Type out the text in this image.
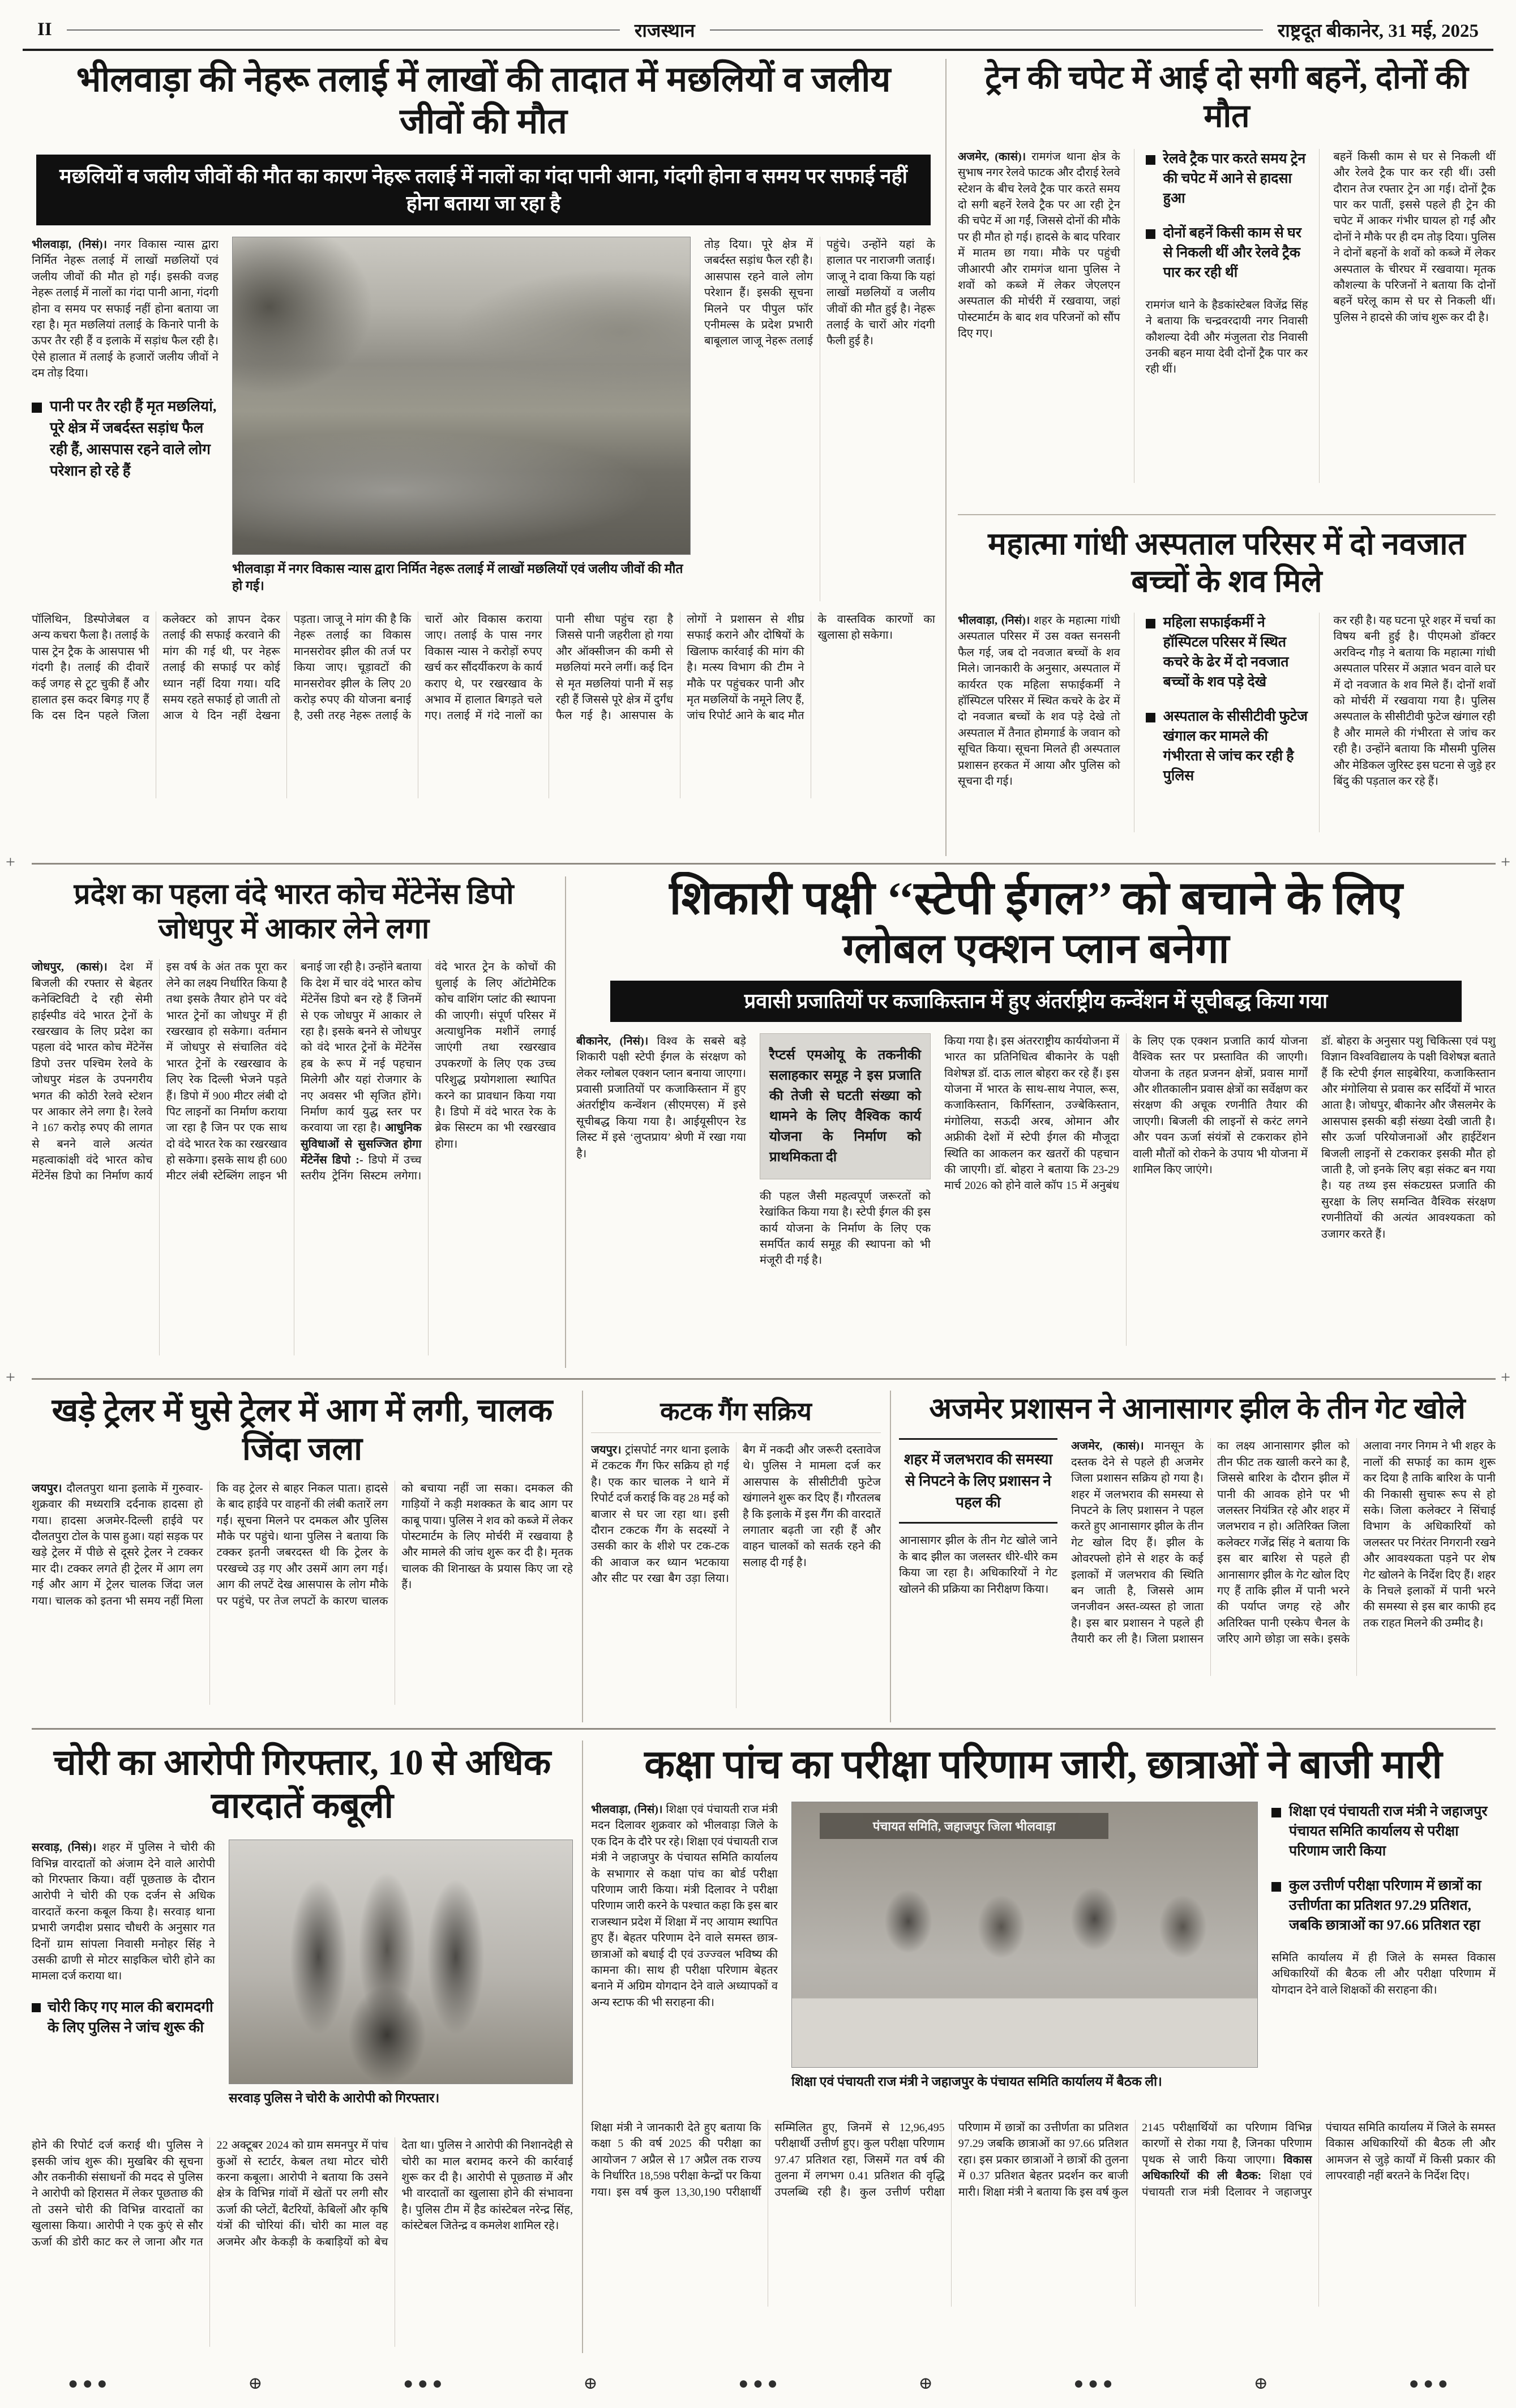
II	राजस्थान	राष्ट्रदूत बीकानेर, 31 मई, 2025
भीलवाड़ा की नेहरू तलाई में लाखों की तादात में मछलियों व जलीय जीवों की मौत
मछलियों व जलीय जीवों की मौत का कारण नेहरू तलाई में नालों का गंदा पानी आना, गंदगी होना व समय पर सफाई नहीं होना बताया जा रहा है
भीलवाड़ा, (निसं)। नगर विकास न्यास द्वारा निर्मित नेहरू तलाई में लाखों मछलियों एवं जलीय जीवों की मौत हो गई। इसकी वजह नेहरू तलाई में नालों का गंदा पानी आना, गंदगी होना व समय पर सफाई नहीं होना बताया जा रहा है। मृत मछलियां तलाई के किनारे पानी के ऊपर तैर रही हैं व इलाके में सड़ांध फैल रही है। ऐसे हालात में तलाई के हजारों जलीय जीवों ने दम तोड़ दिया।
पानी पर तैर रही हैं मृत मछलियां, पूरे क्षेत्र में जबर्दस्त सड़ांध फैल रही हैं, आसपास रहने वाले लोग परेशान हो रहे हैं
भीलवाड़ा में नगर विकास न्यास द्वारा निर्मित नेहरू तलाई में लाखों मछलियों एवं जलीय जीवों की मौत हो गई।
तोड़ दिया। पूरे क्षेत्र में जबर्दस्त सड़ांध फैल रही है। आसपास रहने वाले लोग परेशान हैं। इसकी सूचना मिलने पर पीपुल फॉर एनीमल्स के प्रदेश प्रभारी बाबूलाल जाजू नेहरू तलाई पहुंचे। उन्होंने यहां के हालात पर नाराजगी जताई। जाजू ने दावा किया कि यहां लाखों मछलियों व जलीय जीवों की मौत हुई है। नेहरू तलाई के चारों ओर गंदगी फैली हुई है।
पॉलिथिन, डिस्पोजेबल व अन्य कचरा फैला है। तलाई के पास ट्रेन ट्रैक के आसपास भी गंदगी है। तलाई की दीवारें कई जगह से टूट चुकी हैं और हालात इस कदर बिगड़ गए हैं कि दस दिन पहले जिला कलेक्टर को ज्ञापन देकर तलाई की सफाई करवाने की मांग की गई थी, पर नेहरू तलाई की सफाई पर कोई ध्यान नहीं दिया गया। यदि समय रहते सफाई हो जाती तो आज ये दिन नहीं देखना पड़ता। जाजू ने मांग की है कि नेहरू तलाई का विकास मानसरोवर झील की तर्ज पर किया जाए। चूड़ावटों की मानसरोवर झील के लिए 20 करोड़ रुपए की योजना बनाई है, उसी तरह नेहरू तलाई के चारों ओर विकास कराया जाए। तलाई के पास नगर विकास न्यास ने करोड़ों रुपए खर्च कर सौंदर्यीकरण के कार्य कराए थे, पर रखरखाव के अभाव में हालात बिगड़ते चले गए। तलाई में गंदे नालों का पानी सीधा पहुंच रहा है जिससे पानी जहरीला हो गया और ऑक्सीजन की कमी से मछलियां मरने लगीं। कई दिन से मृत मछलियां पानी में सड़ रही हैं जिससे पूरे क्षेत्र में दुर्गंध फैल गई है। आसपास के लोगों ने प्रशासन से शीघ्र सफाई कराने और दोषियों के खिलाफ कार्रवाई की मांग की है। मत्स्य विभाग की टीम ने मौके पर पहुंचकर पानी और मृत मछलियों के नमूने लिए हैं, जांच रिपोर्ट आने के बाद मौत के वास्तविक कारणों का खुलासा हो सकेगा।
ट्रेन की चपेट में आई दो सगी बहनें, दोनों की मौत
अजमेर, (कासं)। रामगंज थाना क्षेत्र के सुभाष नगर रेलवे फाटक और दौराई रेलवे स्टेशन के बीच रेलवे ट्रैक पार करते समय दो सगी बहनें रेलवे ट्रैक पर आ रही ट्रेन की चपेट में आ गईं, जिससे दोनों की मौके पर ही मौत हो गई। हादसे के बाद परिवार में मातम छा गया। मौके पर पहुंची जीआरपी और रामगंज थाना पुलिस ने शवों को कब्जे में लेकर जेएलएन अस्पताल की मोर्चरी में रखवाया, जहां पोस्टमार्टम के बाद शव परिजनों को सौंप दिए गए।
रेलवे ट्रैक पार करते समय ट्रेन की चपेट में आने से हादसा हुआ
दोनों बहनें किसी काम से घर से निकली थीं और रेलवे ट्रैक पार कर रही थीं
रामगंज थाने के हैडकांस्टेबल विजेंद्र सिंह ने बताया कि चन्द्रवरदायी नगर निवासी कौशल्या देवी और मंजुलता रोड निवासी उनकी बहन माया देवी दोनों ट्रैक पार कर रही थीं।
बहनें किसी काम से घर से निकली थीं और रेलवे ट्रैक पार कर रही थीं। उसी दौरान तेज रफ्तार ट्रेन आ गई। दोनों ट्रैक पार कर पातीं, इससे पहले ही ट्रेन की चपेट में आकर गंभीर घायल हो गईं और दोनों ने मौके पर ही दम तोड़ दिया। पुलिस ने दोनों बहनों के शवों को कब्जे में लेकर अस्पताल के चीरघर में रखवाया। मृतक कौशल्या के परिजनों ने बताया कि दोनों बहनें घरेलू काम से घर से निकली थीं। पुलिस ने हादसे की जांच शुरू कर दी है।
महात्मा गांधी अस्पताल परिसर में दो नवजात बच्चों के शव मिले
भीलवाड़ा, (निसं)। शहर के महात्मा गांधी अस्पताल परिसर में उस वक्त सनसनी फैल गई, जब दो नवजात बच्चों के शव मिले। जानकारी के अनुसार, अस्पताल में कार्यरत एक महिला सफाईकर्मी ने हॉस्पिटल परिसर में स्थित कचरे के ढेर में दो नवजात बच्चों के शव पड़े देखे तो अस्पताल में तैनात होमगार्ड के जवान को सूचित किया। सूचना मिलते ही अस्पताल प्रशासन हरकत में आया और पुलिस को सूचना दी गई।
महिला सफाईकर्मी ने हॉस्पिटल परिसर में स्थित कचरे के ढेर में दो नवजात बच्चों के शव पड़े देखे
अस्पताल के सीसीटीवी फुटेज खंगाल कर मामले की गंभीरता से जांच कर रही है पुलिस
कर रही है। यह घटना पूरे शहर में चर्चा का विषय बनी हुई है। पीएमओ डॉक्टर अरविन्द गौड़ ने बताया कि महात्मा गांधी अस्पताल परिसर में अज्ञात भवन वाले घर में दो नवजात के शव मिले हैं। दोनों शवों को मोर्चरी में रखवाया गया है। पुलिस अस्पताल के सीसीटीवी फुटेज खंगाल रही है और मामले की गंभीरता से जांच कर रही है। उन्होंने बताया कि मौसमी पुलिस और मेडिकल जुरिस्ट इस घटना से जुड़े हर बिंदु की पड़ताल कर रहे हैं।
प्रदेश का पहला वंदे भारत कोच मेंटेनेंस डिपो जोधपुर में आकार लेने लगा
जोधपुर, (कासं)। देश में बिजली की रफ्तार से बेहतर कनेक्टिविटी दे रही सेमी हाईस्पीड वंदे भारत ट्रेनों के रखरखाव के लिए प्रदेश का पहला वंदे भारत कोच मेंटेनेंस डिपो उत्तर पश्चिम रेलवे के जोधपुर मंडल के उपनगरीय भगत की कोठी रेलवे स्टेशन पर आकार लेने लगा है। रेलवे ने 167 करोड़ रुपए की लागत से बनने वाले अत्यंत महत्वाकांक्षी वंदे भारत कोच मेंटेनेंस डिपो का निर्माण कार्य इस वर्ष के अंत तक पूरा कर लेने का लक्ष्य निर्धारित किया है तथा इसके तैयार होने पर वंदे भारत ट्रेनों का जोधपुर में ही रखरखाव हो सकेगा। वर्तमान में जोधपुर से संचालित वंदे भारत ट्रेनों के रखरखाव के लिए रेक दिल्ली भेजने पड़ते हैं। डिपो में 900 मीटर लंबी दो पिट लाइनों का निर्माण कराया जा रहा है जिन पर एक साथ दो वंदे भारत रेक का रखरखाव हो सकेगा। इसके साथ ही 600 मीटर लंबी स्टेब्लिंग लाइन भी बनाई जा रही है। उन्होंने बताया कि देश में चार वंदे भारत कोच मेंटेनेंस डिपो बन रहे हैं जिनमें से एक जोधपुर में आकार ले रहा है। इसके बनने से जोधपुर को वंदे भारत ट्रेनों के मेंटेनेंस हब के रूप में नई पहचान मिलेगी और यहां रोजगार के नए अवसर भी सृजित होंगे। निर्माण कार्य युद्ध स्तर पर करवाया जा रहा है। आधुनिक सुविधाओं से सुसज्जित होगा मेंटेनेंस डिपो :- डिपो में उच्च स्तरीय ट्रेनिंग सिस्टम लगेगा। वंदे भारत ट्रेन के कोचों की धुलाई के लिए ऑटोमेटिक कोच वाशिंग प्लांट की स्थापना की जाएगी। संपूर्ण परिसर में अत्याधुनिक मशीनें लगाई जाएंगी तथा रखरखाव उपकरणों के लिए एक उच्च परिशुद्ध प्रयोगशाला स्थापित करने का प्रावधान किया गया है। डिपो में वंदे भारत रेक के ब्रेक सिस्टम का भी रखरखाव होगा।
शिकारी पक्षी ‘‘स्टेपी ईगल’’ को बचाने के लिए
ग्लोबल एक्शन प्लान बनेगा
प्रवासी प्रजातियों पर कजाकिस्तान में हुए अंतर्राष्ट्रीय कन्वेंशन में सूचीबद्ध किया गया
बीकानेर, (निसं)। विश्व के सबसे बड़े शिकारी पक्षी स्टेपी ईगल के संरक्षण को लेकर ग्लोबल एक्शन प्लान बनाया जाएगा। प्रवासी प्रजातियों पर कजाकिस्तान में हुए अंतर्राष्ट्रीय कन्वेंशन (सीएमएस) में इसे सूचीबद्ध किया गया है। आईयूसीएन रेड लिस्ट में इसे ‘लुप्तप्राय’ श्रेणी में रखा गया है।
रैप्टर्स एमओयू के तकनीकी सलाहकार समूह ने इस प्रजाति की तेजी से घटती संख्या को थामने के लिए वैश्विक कार्य योजना के निर्माण को प्राथमिकता दी
की पहल जैसी महत्वपूर्ण जरूरतों को रेखांकित किया गया है। स्टेपी ईगल की इस कार्य योजना के निर्माण के लिए एक समर्पित कार्य समूह की स्थापना को भी मंजूरी दी गई है।
किया गया है। इस अंतरराष्ट्रीय कार्ययोजना में भारत का प्रतिनिधित्व बीकानेर के पक्षी विशेषज्ञ डॉ. दाऊ लाल बोहरा कर रहे हैं। इस योजना में भारत के साथ-साथ नेपाल, रूस, कजाकिस्तान, किर्गिस्तान, उज्बेकिस्तान, मंगोलिया, सऊदी अरब, ओमान और अफ्रीकी देशों में स्टेपी ईगल की मौजूदा स्थिति का आकलन कर खतरों की पहचान की जाएगी। डॉ. बोहरा ने बताया कि 23-29 मार्च 2026 को होने वाले कॉप 15 में अनुबंध के लिए एक एक्शन प्रजाति कार्य योजना वैश्विक स्तर पर प्रस्तावित की जाएगी। योजना के तहत प्रजनन क्षेत्रों, प्रवास मार्गों और शीतकालीन प्रवास क्षेत्रों का सर्वेक्षण कर संरक्षण की अचूक रणनीति तैयार की जाएगी। बिजली की लाइनों से करंट लगने और पवन ऊर्जा संयंत्रों से टकराकर होने वाली मौतों को रोकने के उपाय भी योजना में शामिल किए जाएंगे।
डॉ. बोहरा के अनुसार पशु चिकित्सा एवं पशु विज्ञान विश्वविद्यालय के पक्षी विशेषज्ञ बताते हैं कि स्टेपी ईगल साइबेरिया, कजाकिस्तान और मंगोलिया से प्रवास कर सर्दियों में भारत आता है। जोधपुर, बीकानेर और जैसलमेर के आसपास इसकी बड़ी संख्या देखी जाती है। सौर ऊर्जा परियोजनाओं और हाईटेंशन बिजली लाइनों से टकराकर इसकी मौत हो जाती है, जो इनके लिए बड़ा संकट बन गया है। यह तथ्य इस संकटग्रस्त प्रजाति की सुरक्षा के लिए समन्वित वैश्विक संरक्षण रणनीतियों की अत्यंत आवश्यकता को उजागर करते हैं।
खड़े ट्रेलर में घुसे ट्रेलर में आग में लगी, चालक जिंदा जला
जयपुर। दौलतपुरा थाना इलाके में गुरुवार-शुक्रवार की मध्यरात्रि दर्दनाक हादसा हो गया। हादसा अजमेर-दिल्ली हाईवे पर दौलतपुरा टोल के पास हुआ। यहां सड़क पर खड़े ट्रेलर में पीछे से दूसरे ट्रेलर ने टक्कर मार दी। टक्कर लगते ही ट्रेलर में आग लग गई और आग में ट्रेलर चालक जिंदा जल गया। चालक को इतना भी समय नहीं मिला कि वह ट्रेलर से बाहर निकल पाता। हादसे के बाद हाईवे पर वाहनों की लंबी कतारें लग गईं। सूचना मिलने पर दमकल और पुलिस मौके पर पहुंचे। थाना पुलिस ने बताया कि टक्कर इतनी जबरदस्त थी कि ट्रेलर के परखच्चे उड़ गए और उसमें आग लग गई। आग की लपटें देख आसपास के लोग मौके पर पहुंचे, पर तेज लपटों के कारण चालक को बचाया नहीं जा सका। दमकल की गाड़ियों ने कड़ी मशक्कत के बाद आग पर काबू पाया। पुलिस ने शव को कब्जे में लेकर पोस्टमार्टम के लिए मोर्चरी में रखवाया है और मामले की जांच शुरू कर दी है। मृतक चालक की शिनाख्त के प्रयास किए जा रहे हैं।
कटक गैंग सक्रिय
जयपुर। ट्रांसपोर्ट नगर थाना इलाके में टकटक गैंग फिर सक्रिय हो गई है। एक कार चालक ने थाने में रिपोर्ट दर्ज कराई कि वह 28 मई को बाजार से घर जा रहा था। इसी दौरान टकटक गैंग के सदस्यों ने उसकी कार के शीशे पर टक-टक की आवाज कर ध्यान भटकाया और सीट पर रखा बैग उड़ा लिया। बैग में नकदी और जरूरी दस्तावेज थे। पुलिस ने मामला दर्ज कर आसपास के सीसीटीवी फुटेज खंगालने शुरू कर दिए हैं। गौरतलब है कि इलाके में इस गैंग की वारदातें लगातार बढ़ती जा रही हैं और वाहन चालकों को सतर्क रहने की सलाह दी गई है।
अजमेर प्रशासन ने आनासागर झील के तीन गेट खोले
शहर में जलभराव की समस्या से निपटने के लिए प्रशासन ने पहल की
आनासागर झील के तीन गेट खोले जाने के बाद झील का जलस्तर धीरे-धीरे कम किया जा रहा है। अधिकारियों ने गेट खोलने की प्रक्रिया का निरीक्षण किया।
अजमेर, (कासं)। मानसून के दस्तक देने से पहले ही अजमेर जिला प्रशासन सक्रिय हो गया है। शहर में जलभराव की समस्या से निपटने के लिए प्रशासन ने पहल करते हुए आनासागर झील के तीन गेट खोल दिए हैं। झील के ओवरफ्लो होने से शहर के कई इलाकों में जलभराव की स्थिति बन जाती है, जिससे आम जनजीवन अस्त-व्यस्त हो जाता है। इस बार प्रशासन ने पहले ही तैयारी कर ली है। जिला प्रशासन का लक्ष्य आनासागर झील को तीन फीट तक खाली करने का है, जिससे बारिश के दौरान झील में पानी की आवक होने पर भी जलस्तर नियंत्रित रहे और शहर में जलभराव न हो। अतिरिक्त जिला कलेक्टर गजेंद्र सिंह ने बताया कि इस बार बारिश से पहले ही आनासागर झील के गेट खोल दिए गए हैं ताकि झील में पानी भरने की पर्याप्त जगह रहे और अतिरिक्त पानी एस्केप चैनल के जरिए आगे छोड़ा जा सके। इसके अलावा नगर निगम ने भी शहर के नालों की सफाई का काम शुरू कर दिया है ताकि बारिश के पानी की निकासी सुचारू रूप से हो सके। जिला कलेक्टर ने सिंचाई विभाग के अधिकारियों को जलस्तर पर निरंतर निगरानी रखने और आवश्यकता पड़ने पर शेष गेट खोलने के निर्देश दिए हैं। शहर के निचले इलाकों में पानी भरने की समस्या से इस बार काफी हद तक राहत मिलने की उम्मीद है।
चोरी का आरोपी गिरफ्तार, 10 से अधिक वारदातें कबूली
सरवाड़, (निसं)। शहर में पुलिस ने चोरी की विभिन्न वारदातों को अंजाम देने वाले आरोपी को गिरफ्तार किया। वहीं पूछताछ के दौरान आरोपी ने चोरी की एक दर्जन से अधिक वारदातें करना कबूल किया है। सरवाड़ थाना प्रभारी जगदीश प्रसाद चौधरी के अनुसार गत दिनों ग्राम सांपला निवासी मनोहर सिंह ने उसकी ढाणी से मोटर साइकिल चोरी होने का मामला दर्ज कराया था।
चोरी किए गए माल की बरामदगी के लिए पुलिस ने जांच शुरू की
सरवाड़ पुलिस ने चोरी के आरोपी को गिरफ्तार।
होने की रिपोर्ट दर्ज कराई थी। पुलिस ने इसकी जांच शुरू की। मुखबिर की सूचना और तकनीकी संसाधनों की मदद से पुलिस ने आरोपी को हिरासत में लेकर पूछताछ की तो उसने चोरी की विभिन्न वारदातों का खुलासा किया। आरोपी ने एक कुएं से सौर ऊर्जा की डोरी काट कर ले जाना और गत 22 अक्टूबर 2024 को ग्राम समनपुर में पांच कुओं से स्टार्टर, केबल तथा मोटर चोरी करना कबूला। आरोपी ने बताया कि उसने क्षेत्र के विभिन्न गांवों में खेतों पर लगी सौर ऊर्जा की प्लेटों, बैटरियों, केबिलों और कृषि यंत्रों की चोरियां कीं। चोरी का माल वह अजमेर और केकड़ी के कबाड़ियों को बेच देता था। पुलिस ने आरोपी की निशानदेही से चोरी का माल बरामद करने की कार्रवाई शुरू कर दी है। आरोपी से पूछताछ में और भी वारदातों का खुलासा होने की संभावना है। पुलिस टीम में हैड कांस्टेबल नरेन्द्र सिंह, कांस्टेबल जितेन्द्र व कमलेश शामिल रहे।
कक्षा पांच का परीक्षा परिणाम जारी, छात्राओं ने बाजी मारी
भीलवाड़ा, (निसं)। शिक्षा एवं पंचायती राज मंत्री मदन दिलावर शुक्रवार को भीलवाड़ा जिले के एक दिन के दौरे पर रहे। शिक्षा एवं पंचायती राज मंत्री ने जहाजपुर के पंचायत समिति कार्यालय के सभागार से कक्षा पांच का बोर्ड परीक्षा परिणाम जारी किया। मंत्री दिलावर ने परीक्षा परिणाम जारी करने के पश्चात कहा कि इस बार राजस्थान प्रदेश में शिक्षा में नए आयाम स्थापित हुए हैं। बेहतर परिणाम देने वाले समस्त छात्र-छात्राओं को बधाई दी एवं उज्ज्वल भविष्य की कामना की। साथ ही परीक्षा परिणाम बेहतर बनाने में अग्रिम योगदान देने वाले अध्यापकों व अन्य स्टाफ की भी सराहना की।
पंचायत समिति, जहाजपुर जिला भीलवाड़ा
शिक्षा एवं पंचायती राज मंत्री ने जहाजपुर के पंचायत समिति कार्यालय में बैठक ली।
शिक्षा एवं पंचायती राज मंत्री ने जहाजपुर पंचायत समिति कार्यालय से परीक्षा परिणाम जारी किया
कुल उत्तीर्ण परीक्षा परिणाम में छात्रों का उत्तीर्णता का प्रतिशत 97.29 प्रतिशत, जबकि छात्राओं का 97.66 प्रतिशत रहा
समिति कार्यालय में ही जिले के समस्त विकास अधिकारियों की बैठक ली और परीक्षा परिणाम में योगदान देने वाले शिक्षकों की सराहना की।
शिक्षा मंत्री ने जानकारी देते हुए बताया कि कक्षा 5 की वर्ष 2025 की परीक्षा का आयोजन 7 अप्रैल से 17 अप्रैल तक राज्य के निर्धारित 18,598 परीक्षा केन्द्रों पर किया गया। इस वर्ष कुल 13,30,190 परीक्षार्थी सम्मिलित हुए, जिनमें से 12,96,495 परीक्षार्थी उत्तीर्ण हुए। कुल परीक्षा परिणाम 97.47 प्रतिशत रहा, जिसमें गत वर्ष की तुलना में लगभग 0.41 प्रतिशत की वृद्धि उपलब्धि रही है। कुल उत्तीर्ण परीक्षा परिणाम में छात्रों का उत्तीर्णता का प्रतिशत 97.29 जबकि छात्राओं का 97.66 प्रतिशत रहा। इस प्रकार छात्राओं ने छात्रों की तुलना में 0.37 प्रतिशत बेहतर प्रदर्शन कर बाजी मारी। शिक्षा मंत्री ने बताया कि इस वर्ष कुल 2145 परीक्षार्थियों का परिणाम विभिन्न कारणों से रोका गया है, जिनका परिणाम पृथक से जारी किया जाएगा। विकास अधिकारियों की ली बैठक: शिक्षा एवं पंचायती राज मंत्री दिलावर ने जहाजपुर पंचायत समिति कार्यालय में जिले के समस्त विकास अधिकारियों की बैठक ली और आमजन से जुड़े कार्यों में किसी प्रकार की लापरवाही नहीं बरतने के निर्देश दिए।
+
+
+
+
● ● ●	⊕	● ● ●	⊕	● ● ●	⊕	● ● ●	⊕	● ● ●
